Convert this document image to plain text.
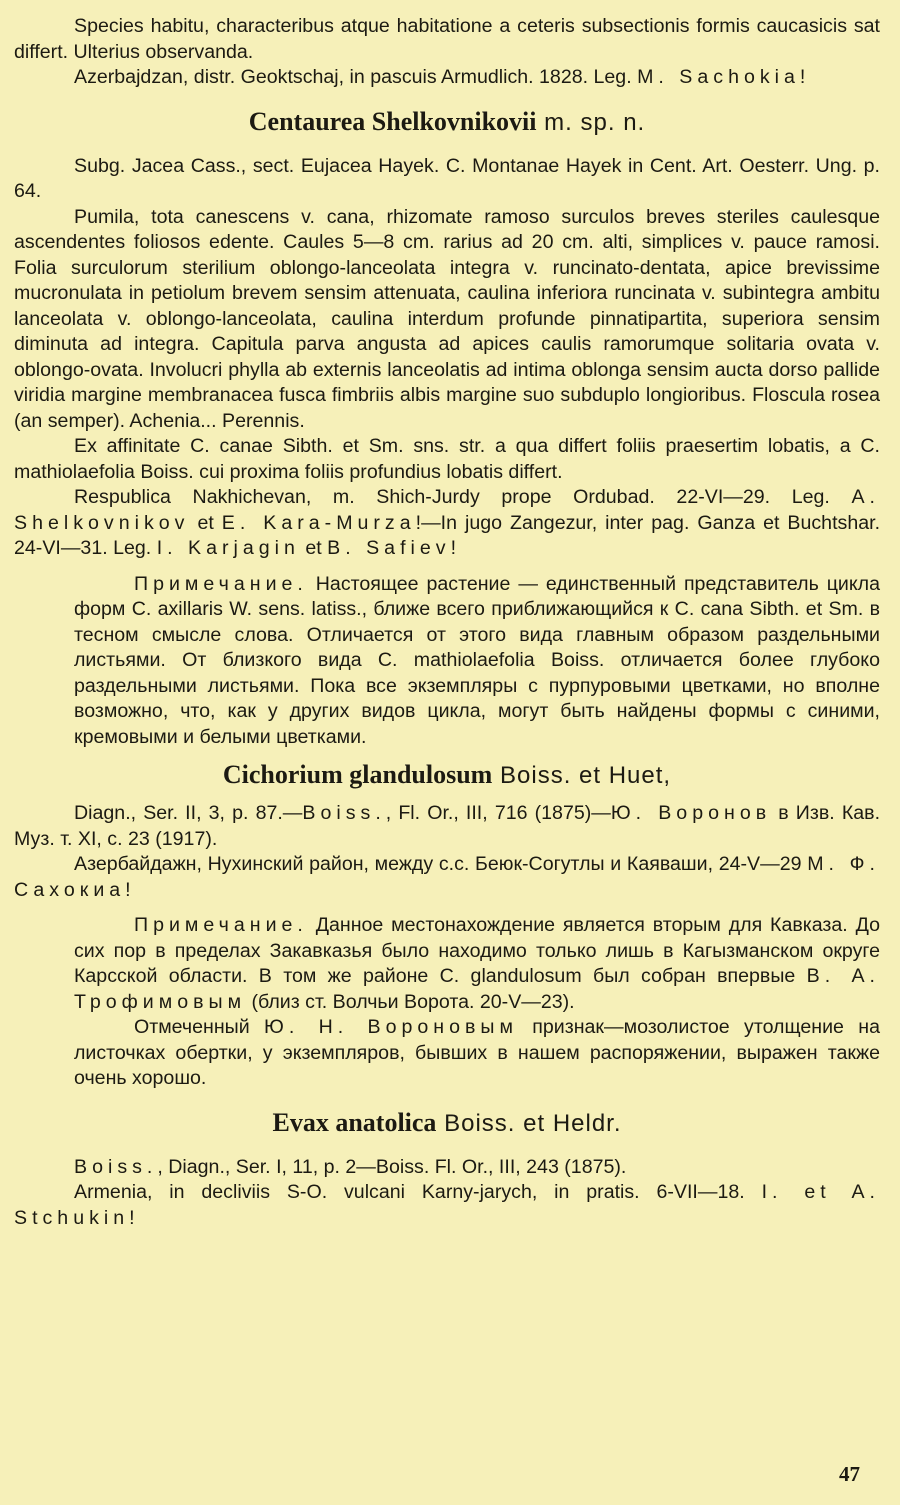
Species habitu, characteribus atque habitatione a ceteris subsectionis formis caucasicis sat differt. Ulterius observanda.

Azerbajdzan, distr. Geoktschaj, in pascuis Armudlich. 1828. Leg. M. Sachokia!

Centaurea Shelkovnikovii m. sp. n.

Subg. Jacea Cass., sect. Eujacea Hayek. C. Montanae Hayek in Cent. Art. Oesterr. Ung. p. 64.

Pumila, tota canescens v. cana, rhizomate ramoso surculos breves steriles caulesque ascendentes foliosos edente. Caules 5—8 cm. rarius ad 20 cm. alti, simplices v. pauce ramosi. Folia surculorum sterilium oblongo-lanceolata integra v. runcinato-dentata, apice brevissime mucronulata in petiolum brevem sensim attenuata, caulina inferiora runcinata v. subintegra ambitu lanceolata v. oblongo-lanceolata, caulina interdum profunde pinnatipartita, superiora sensim diminuta ad integra. Capitula parva angusta ad apices caulis ramorumque solitaria ovata v. oblongo-ovata. Involucri phylla ab externis lanceolatis ad intima oblonga sensim aucta dorso pallide viridia margine membranacea fusca fimbriis albis margine suo subduplo longioribus. Floscula rosea (an semper). Achenia... Perennis.

Ex affinitate C. canae Sibth. et Sm. sns. str. a qua differt foliis praesertim lobatis, a C. mathiolaefolia Boiss. cui proxima foliis profundius lobatis differt.

Respublica Nakhichevan, m. Shich-Jurdy prope Ordubad. 22-VI—29. Leg. A. Shelkovnikov et E. Kara-Murza!—In jugo Zangezur, inter pag. Ganza et Buchtshar. 24-VI—31. Leg. I. Karjagin et B. Safiev!

Примечание. Настоящее растение — единственный представитель цикла форм C. axillaris W. sens. latiss., ближе всего приближающийся к C. cana Sibth. et Sm. в тесном смысле слова. Отличается от этого вида главным образом раздельными листьями. От близкого вида C. mathiolaefolia Boiss. отличается более глубоко раздельными листьями. Пока все экземпляры с пурпуровыми цветками, но вполне возможно, что, как у других видов цикла, могут быть найдены формы с синими, кремовыми и белыми цветками.

Cichorium glandulosum Boiss. et Huet,

Diagn., Ser. II, 3, p. 87.—Boiss., Fl. Or., III, 716 (1875)—Ю. Воронов в Изв. Кав. Муз. т. XI, с. 23 (1917).

Азербайдажн, Нухинский район, между с.с. Беюк-Согутлы и Каяваши, 24-V—29 М. Ф. Сахокиа!

Примечание. Данное местонахождение является вторым для Кавказа. До сих пор в пределах Закавказья было находимо только лишь в Кагызманском округе Карсской области. В том же районе C. glandulosum был собран впервые В. А. Трофимовым (близ ст. Волчьи Ворота. 20-V—23).

Отмеченный Ю. Н. Вороновым признак—мозолистое утолщение на листочках обертки, у экземпляров, бывших в нашем распоряжении, выражен также очень хорошо.

Evax anatolica Boiss. et Heldr.

Boiss., Diagn., Ser. I, 11, p. 2—Boiss. Fl. Or., III, 243 (1875).

Armenia, in decliviis S-O. vulcani Karny-jarych, in pratis. 6-VII—18. I. et A. Stchukin!

47
